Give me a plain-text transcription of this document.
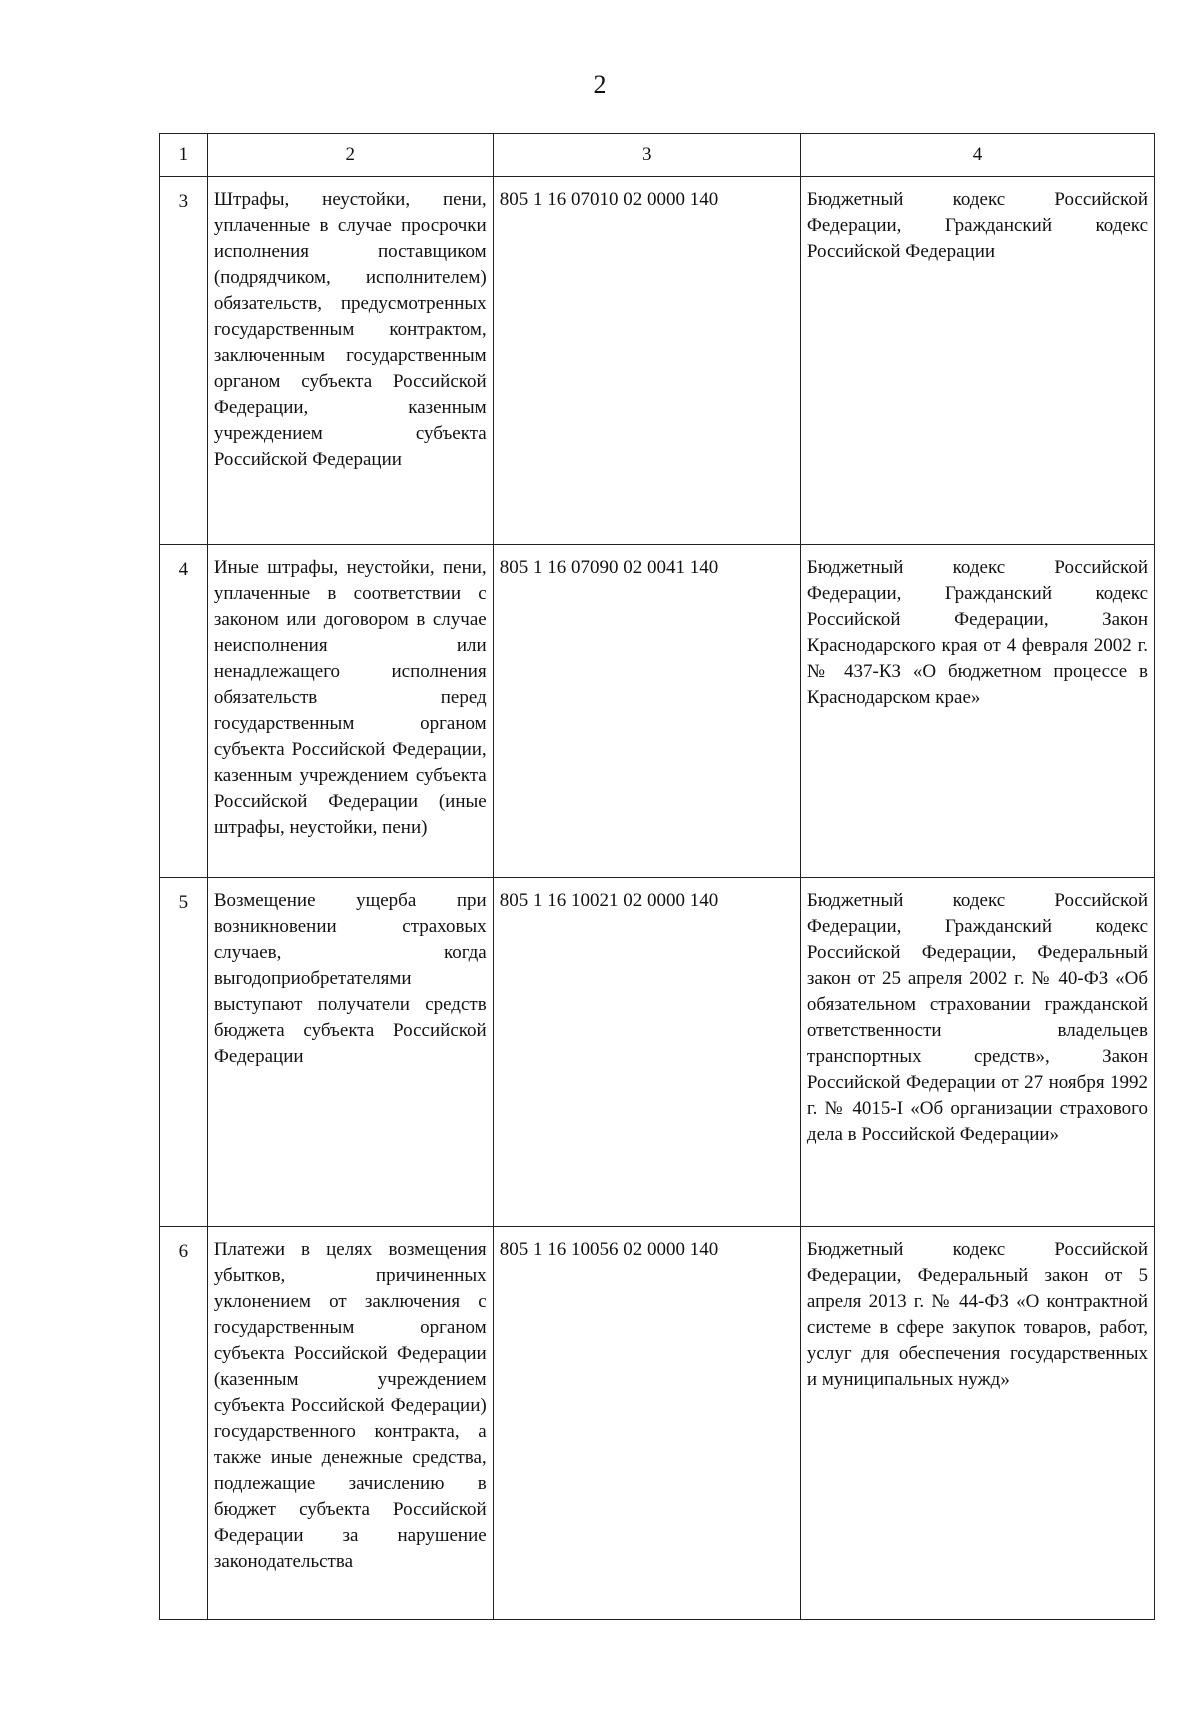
2
1	2	3	4
3	Штрафы, неустойки, пени, уплаченные в случае просрочки исполнения поставщиком (подрядчиком, исполнителем) обязательств, предусмотренных государственным контрактом, заключенным государственным органом субъекта Российской Федерации, казенным учреждением субъекта Российской Федерации	805 1 16 07010 02 0000 140	Бюджетный кодекс Российской Федерации, Гражданский кодекс Российской Федерации
4	Иные штрафы, неустойки, пени, уплаченные в соответствии с законом или договором в случае неисполнения или ненадлежащего исполнения обязательств перед государственным органом субъекта Российской Федерации, казенным учреждением субъекта Российской Федерации (иные штрафы, неустойки, пени)	805 1 16 07090 02 0041 140	Бюджетный кодекс Российской Федерации, Гражданский кодекс Российской Федерации, Закон Краснодарского края от 4 февраля 2002 г. № 437-КЗ «О бюджетном процессе в Краснодарском крае»
5	Возмещение ущерба при возникновении страховых случаев, когда выгодоприобретателями выступают получатели средств бюджета субъекта Российской Федерации	805 1 16 10021 02 0000 140	Бюджетный кодекс Российской Федерации, Гражданский кодекс Российской Федерации, Федеральный закон от 25 апреля 2002 г. № 40-ФЗ «Об обязательном страховании гражданской ответственности владельцев транспортных средств», Закон Российской Федерации от 27 ноября 1992 г. № 4015-I «Об организации страхового дела в Российской Федерации»
6	Платежи в целях возмещения убытков, причиненных уклонением от заключения с государственным органом субъекта Российской Федерации (казенным учреждением субъекта Российской Федерации) государственного контракта, а также иные денежные средства, подлежащие зачислению в бюджет субъекта Российской Федерации за нарушение законодательства	805 1 16 10056 02 0000 140	Бюджетный кодекс Российской Федерации, Федеральный закон от 5 апреля 2013 г. № 44-ФЗ «О контрактной системе в сфере закупок товаров, работ, услуг для обеспечения государственных и муниципальных нужд»
